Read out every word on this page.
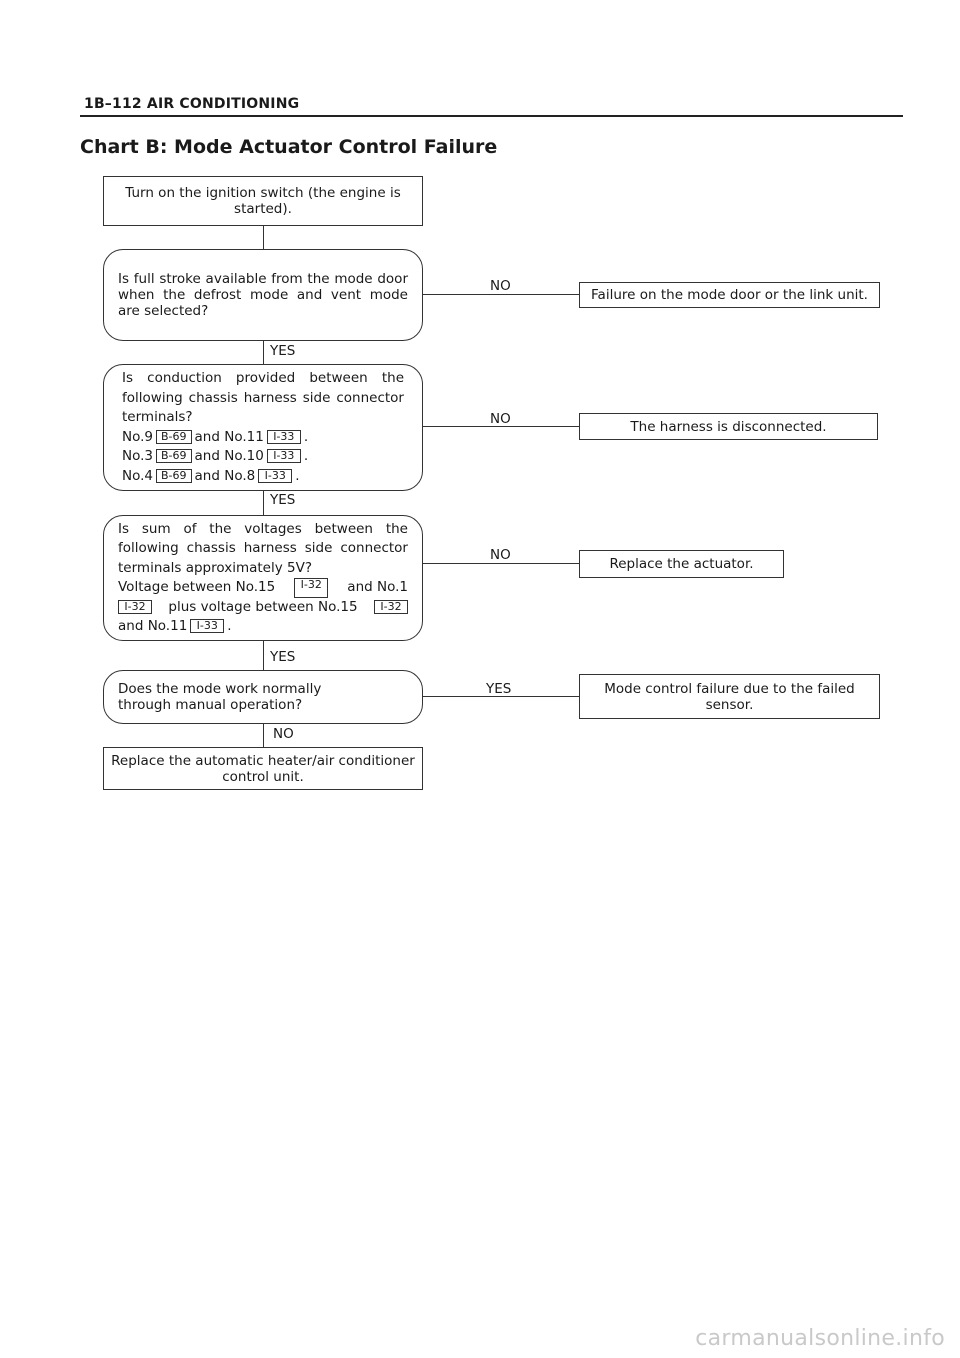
1B–112 AIR CONDITIONING
Chart B: Mode Actuator Control Failure
Turn on the ignition switch (the engine is started).
Is full stroke available from the mode door when the defrost mode and vent mode are selected?
NO
Failure on the mode door or the link unit.
YES
Is conduction provided between the following chassis harness side connector terminals?
No.9 B-69 and No.11 I-33 .
No.3 B-69 and No.10 I-33 .
No.4 B-69 and No.8 I-33 .
NO	The harness is disconnected.
YES
Is sum of the voltages between the following chassis harness side connector terminals approximately 5V?
Voltage between No.15	I-32	and No.1
I-32	plus voltage between No.15	I-32
and No.11 I-33 .
NO
Replace the actuator.
YES
Does the mode work normally through manual operation?
YES	Mode control failure due to the failed sensor.
NO
Replace the automatic heater/air conditioner control unit.
carmanualsonline.info
